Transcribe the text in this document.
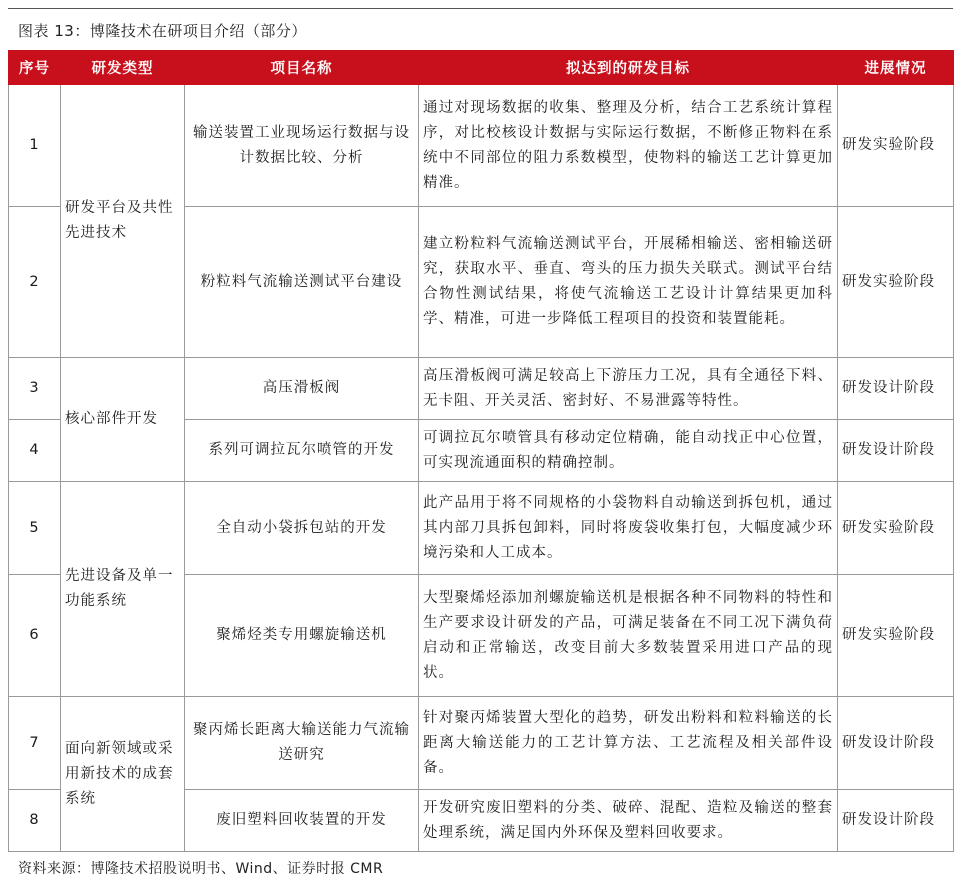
图表 13：博隆技术在研项目介绍（部分）
序号	研发类型	项目名称	拟达到的研发目标	进展情况
1	研发平台及共性先进技术	输送装置工业现场运行数据与设计数据比较、分析	通过对现场数据的收集、整理及分析，结合工艺系统计算程序，对比校核设计数据与实际运行数据，不断修正物料在系统中不同部位的阻力系数模型，使物料的输送工艺计算更加精准。	研发实验阶段
2		粉粒料气流输送测试平台建设	建立粉粒料气流输送测试平台，开展稀相输送、密相输送研究，获取水平、垂直、弯头的压力损失关联式。测试平台结合物性测试结果，将使气流输送工艺设计计算结果更加科学、精准，可进一步降低工程项目的投资和装置能耗。	研发实验阶段
3	核心部件开发	高压滑板阀	高压滑板阀可满足较高上下游压力工况，具有全通径下料、无卡阻、开关灵活、密封好、不易泄露等特性。	研发设计阶段
4		系列可调拉瓦尔喷管的开发	可调拉瓦尔喷管具有移动定位精确，能自动找正中心位置，可实现流通面积的精确控制。	研发设计阶段
5	先进设备及单一功能系统	全自动小袋拆包站的开发	此产品用于将不同规格的小袋物料自动输送到拆包机，通过其内部刀具拆包卸料，同时将废袋收集打包，大幅度减少环境污染和人工成本。	研发实验阶段
6		聚烯烃类专用螺旋输送机	大型聚烯烃添加剂螺旋输送机是根据各种不同物料的特性和生产要求设计研发的产品，可满足装备在不同工况下满负荷启动和正常输送，改变目前大多数装置采用进口产品的现状。	研发实验阶段
7	面向新领域或采用新技术的成套系统	聚丙烯长距离大输送能力气流输送研究	针对聚丙烯装置大型化的趋势，研发出粉料和粒料输送的长距离大输送能力的工艺计算方法、工艺流程及相关部件设备。	研发设计阶段
8		废旧塑料回收装置的开发	开发研究废旧塑料的分类、破碎、混配、造粒及输送的整套处理系统，满足国内外环保及塑料回收要求。	研发设计阶段
资料来源：博隆技术招股说明书、Wind、证券时报 CMR
